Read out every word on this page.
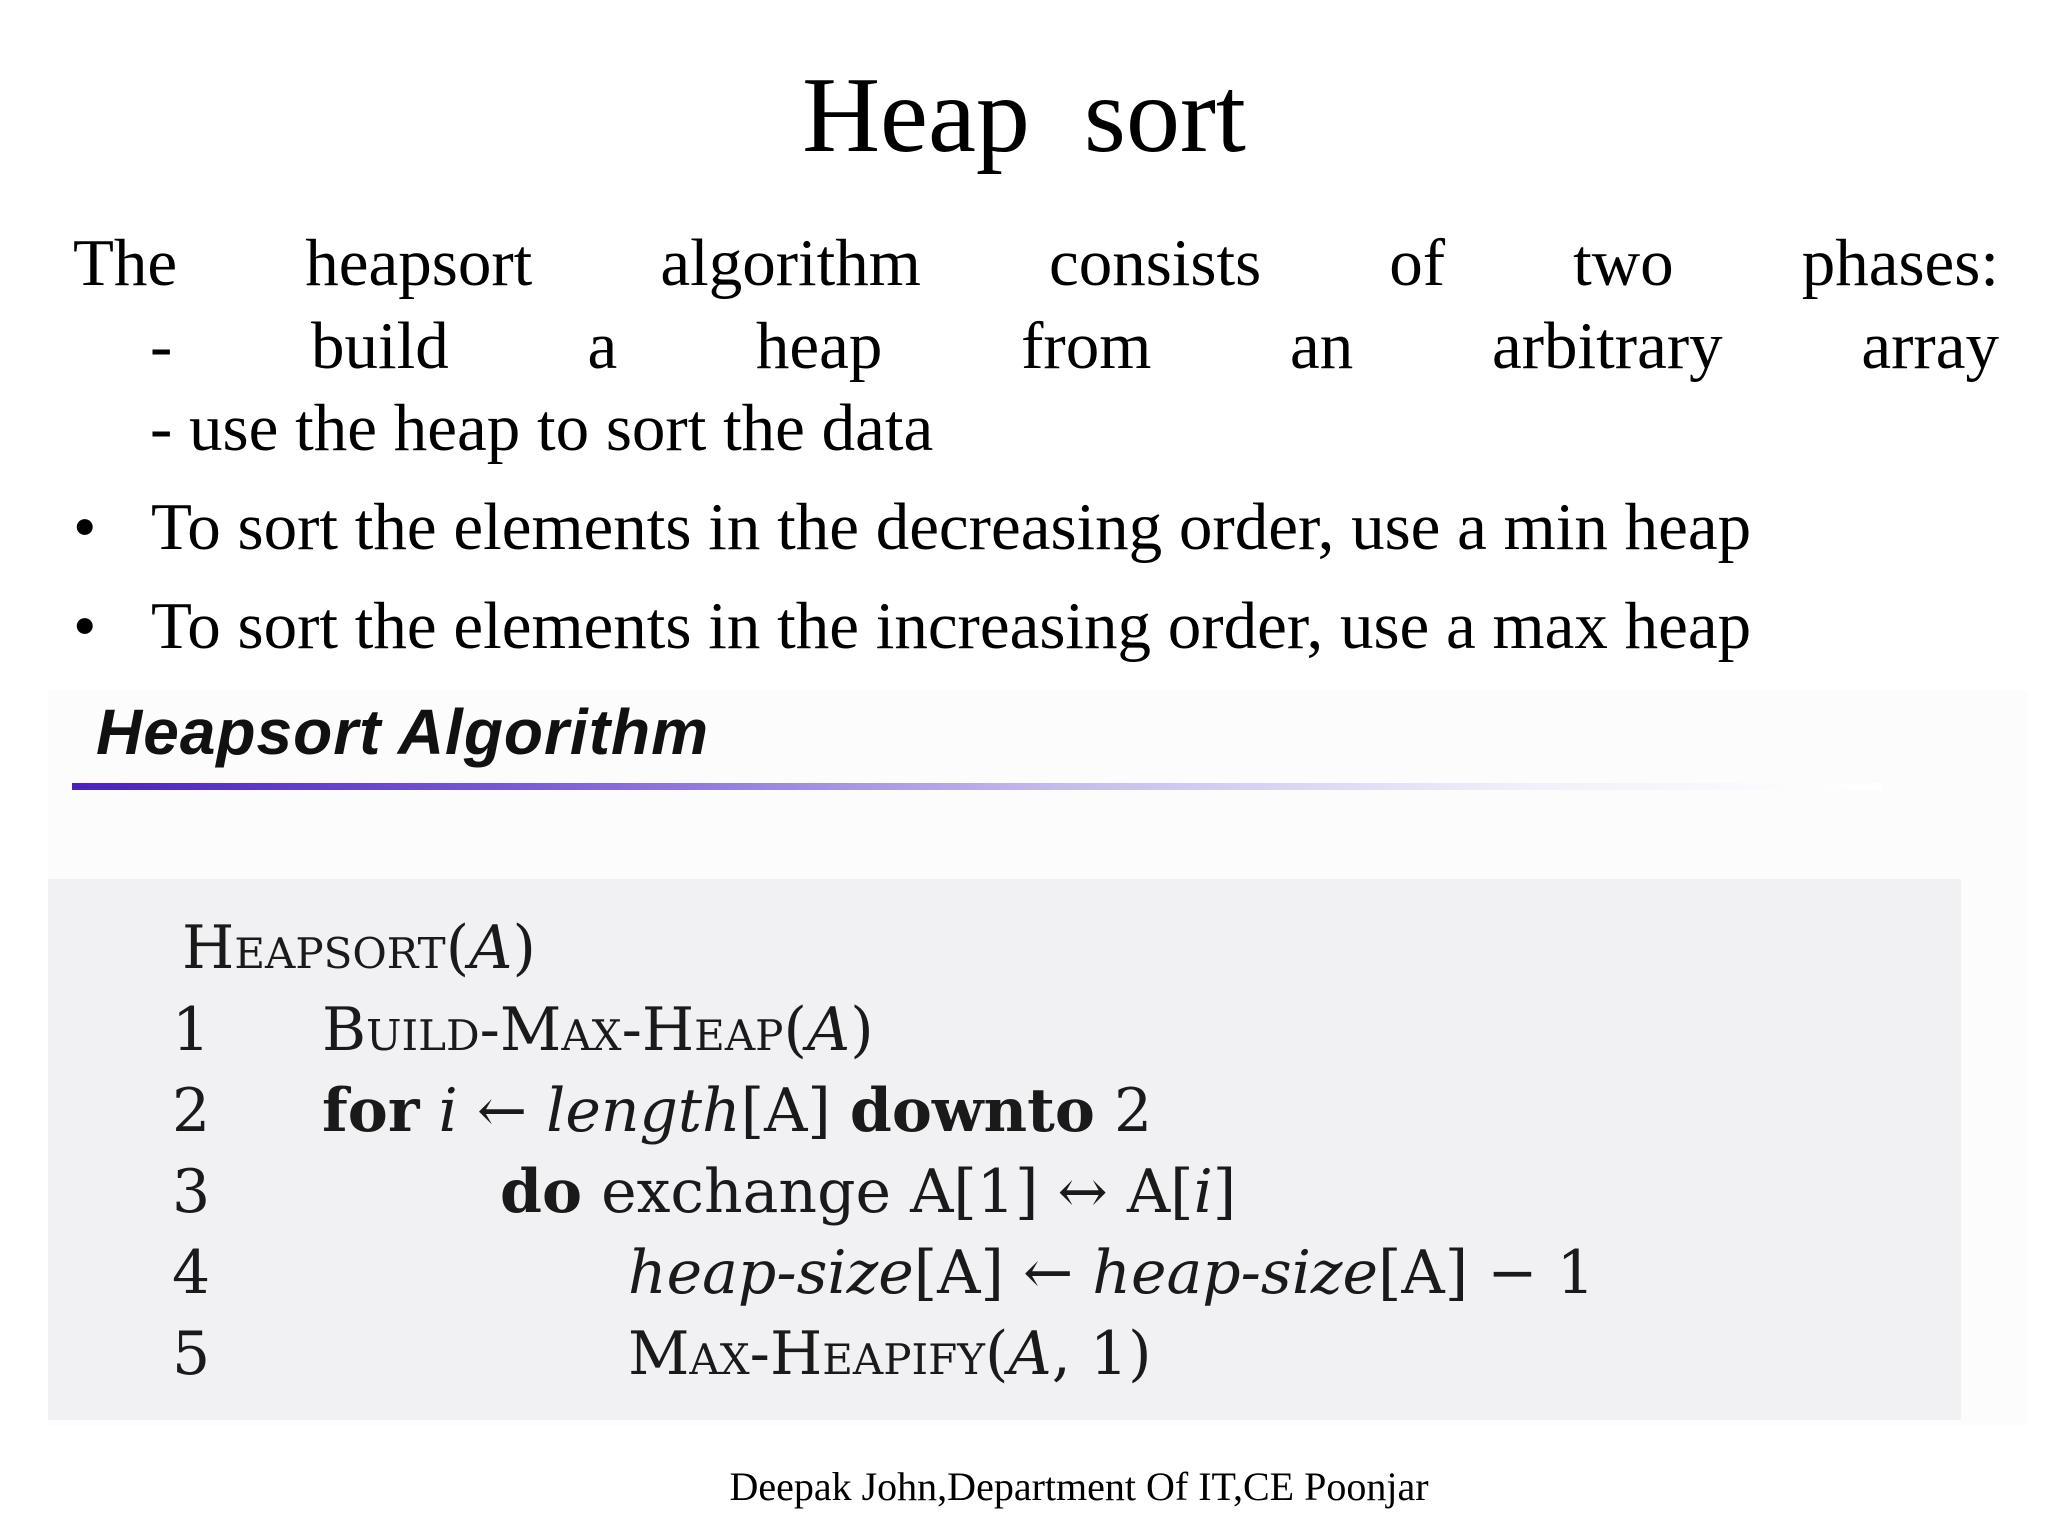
Heap  sort
The heapsort algorithm consists of two phases:
- build a heap from an arbitrary array
- use the heap to sort the data
• To sort the elements in the decreasing order, use a min heap
• To sort the elements in the increasing order, use a max heap
Heapsort Algorithm
Heapsort(A)
1 Build-Max-Heap(A)
2 for i ← length[A] downto 2
3	do exchange A[1] ↔ A[i]
4	heap-size[A] ← heap-size[A] − 1
5	Max-Heapify(A, 1)
Deepak John,Department Of IT,CE Poonjar
